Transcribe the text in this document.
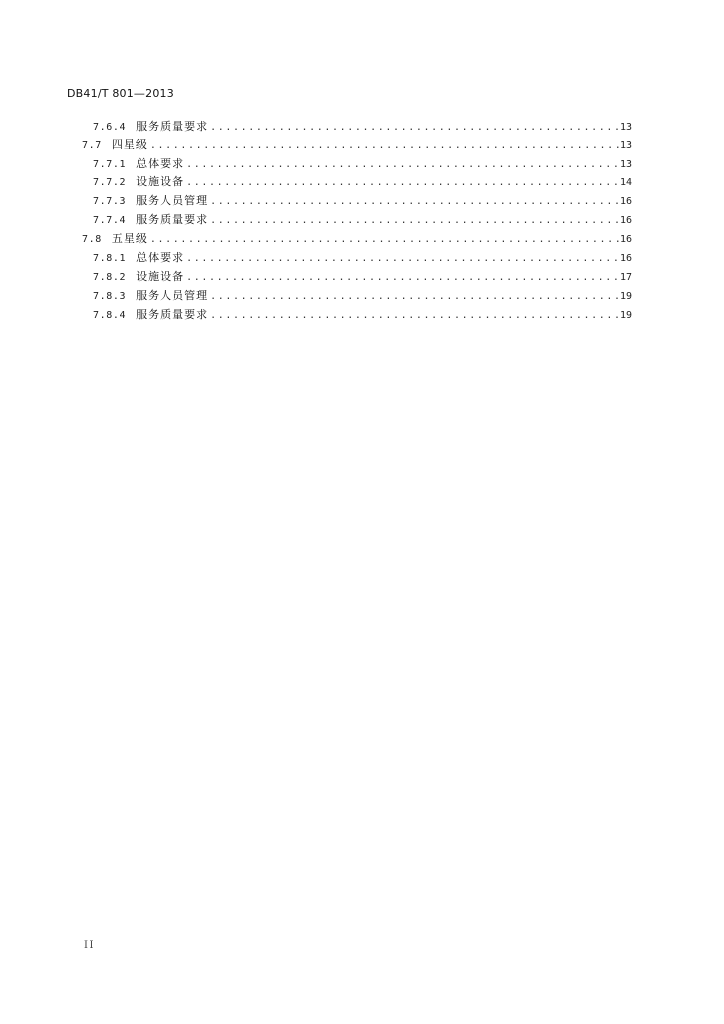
DB41/T 801—2013
7.6.4 服务质量要求 .....	13
7.7 四星级 .....	13
7.7.1 总体要求 .....	13
7.7.2 设施设备 .....	14
7.7.3 服务人员管理 .....	16
7.7.4 服务质量要求 .....	16
7.8 五星级 .....	16
7.8.1 总体要求 .....	16
7.8.2 设施设备 .....	17
7.8.3 服务人员管理 .....	19
7.8.4 服务质量要求 .....	19
II
